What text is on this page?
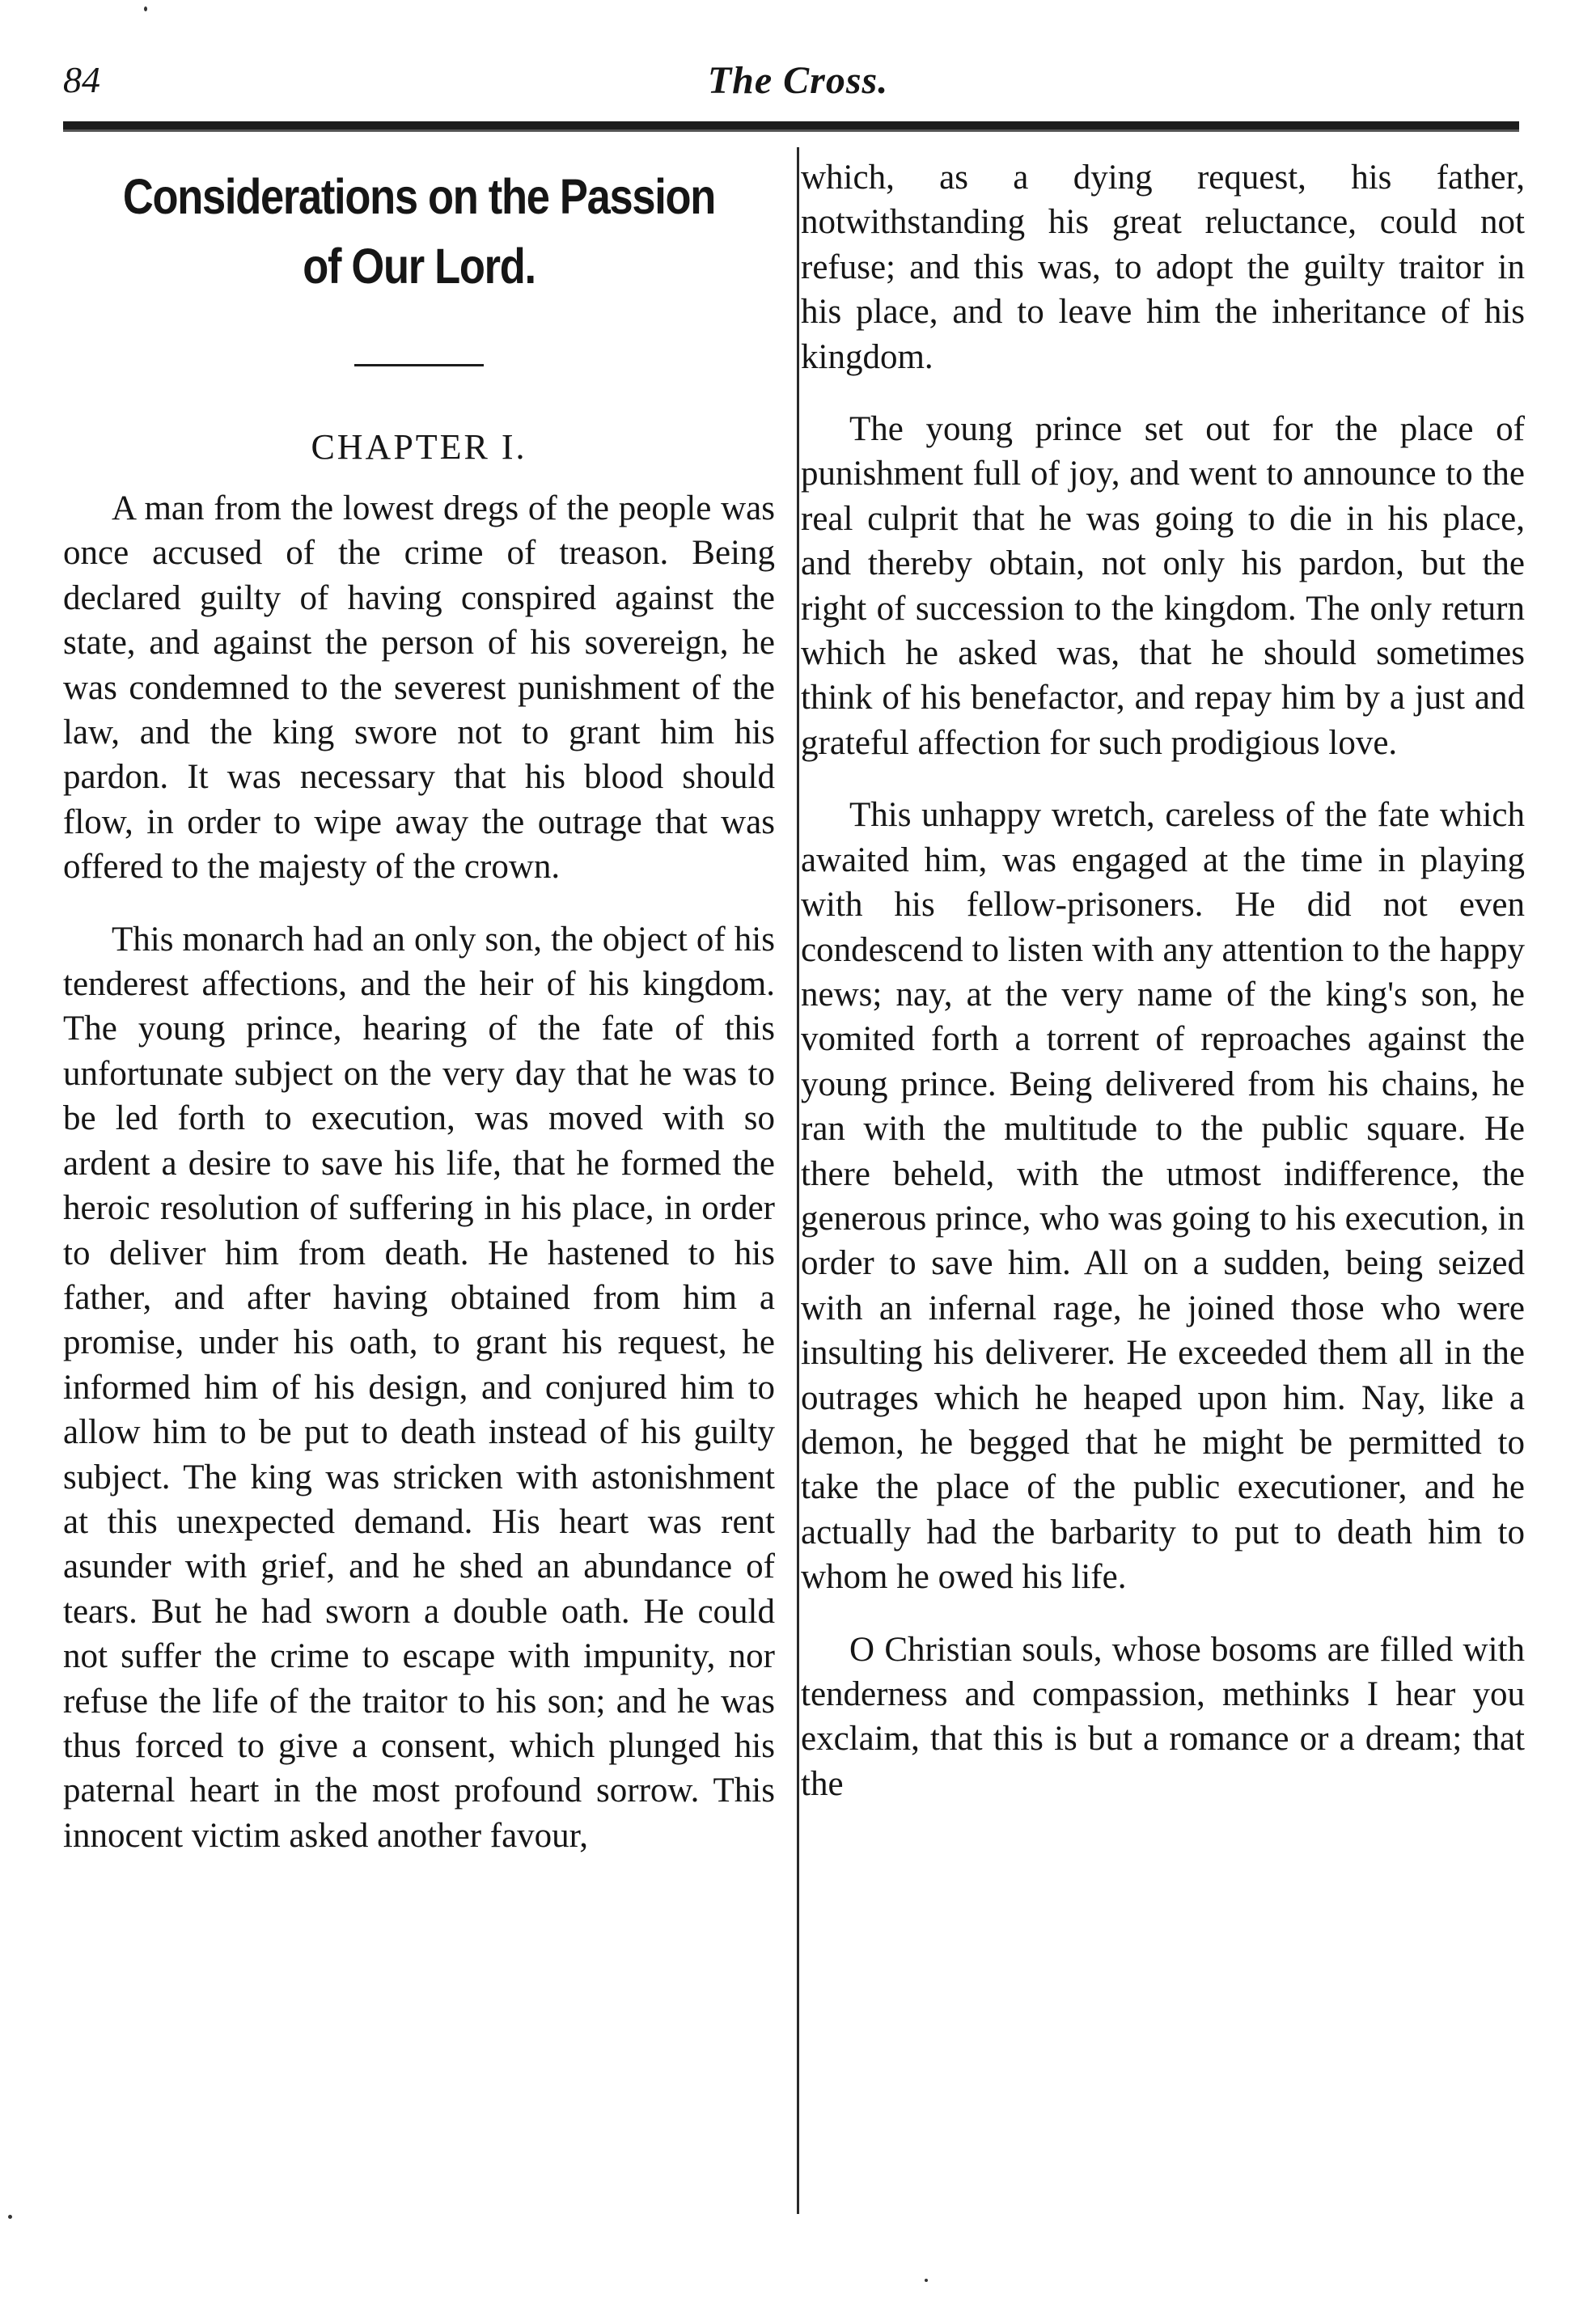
84	The Cross.
Considerations on the Passion of Our Lord.
CHAPTER I.

A man from the lowest dregs of the people was once accused of the crime of treason. Being declared guilty of having conspired against the state, and against the person of his sovereign, he was condemned to the severest punishment of the law, and the king swore not to grant him his pardon. It was necessary that his blood should flow, in order to wipe away the outrage that was offered to the majesty of the crown.

This monarch had an only son, the object of his tenderest affections, and the heir of his kingdom. The young prince, hearing of the fate of this unfortunate subject on the very day that he was to be led forth to execution, was moved with so ardent a desire to save his life, that he formed the heroic resolution of suffering in his place, in order to deliver him from death. He hastened to his father, and after having obtained from him a promise, under his oath, to grant his request, he informed him of his design, and conjured him to allow him to be put to death instead of his guilty subject. The king was stricken with astonishment at this unexpected demand. His heart was rent asunder with grief, and he shed an abundance of tears. But he had sworn a double oath. He could not suffer the crime to escape with impunity, nor refuse the life of the traitor to his son; and he was thus forced to give a consent, which plunged his paternal heart in the most profound sorrow. This innocent victim asked another favour,

which, as a dying request, his father, notwithstanding his great reluctance, could not refuse; and this was, to adopt the guilty traitor in his place, and to leave him the inheritance of his kingdom.

The young prince set out for the place of punishment full of joy, and went to announce to the real culprit that he was going to die in his place, and thereby obtain, not only his pardon, but the right of succession to the kingdom. The only return which he asked was, that he should sometimes think of his benefactor, and repay him by a just and grateful affection for such prodigious love.

This unhappy wretch, careless of the fate which awaited him, was engaged at the time in playing with his fellow-prisoners. He did not even condescend to listen with any attention to the happy news; nay, at the very name of the king's son, he vomited forth a torrent of reproaches against the young prince. Being delivered from his chains, he ran with the multitude to the public square. He there beheld, with the utmost indifference, the generous prince, who was going to his execution, in order to save him. All on a sudden, being seized with an infernal rage, he joined those who were insulting his deliverer. He exceeded them all in the outrages which he heaped upon him. Nay, like a demon, he begged that he might be permitted to take the place of the public executioner, and he actually had the barbarity to put to death him to whom he owed his life.

O Christian souls, whose bosoms are filled with tenderness and compassion, methinks I hear you exclaim, that this is but a romance or a dream; that the
